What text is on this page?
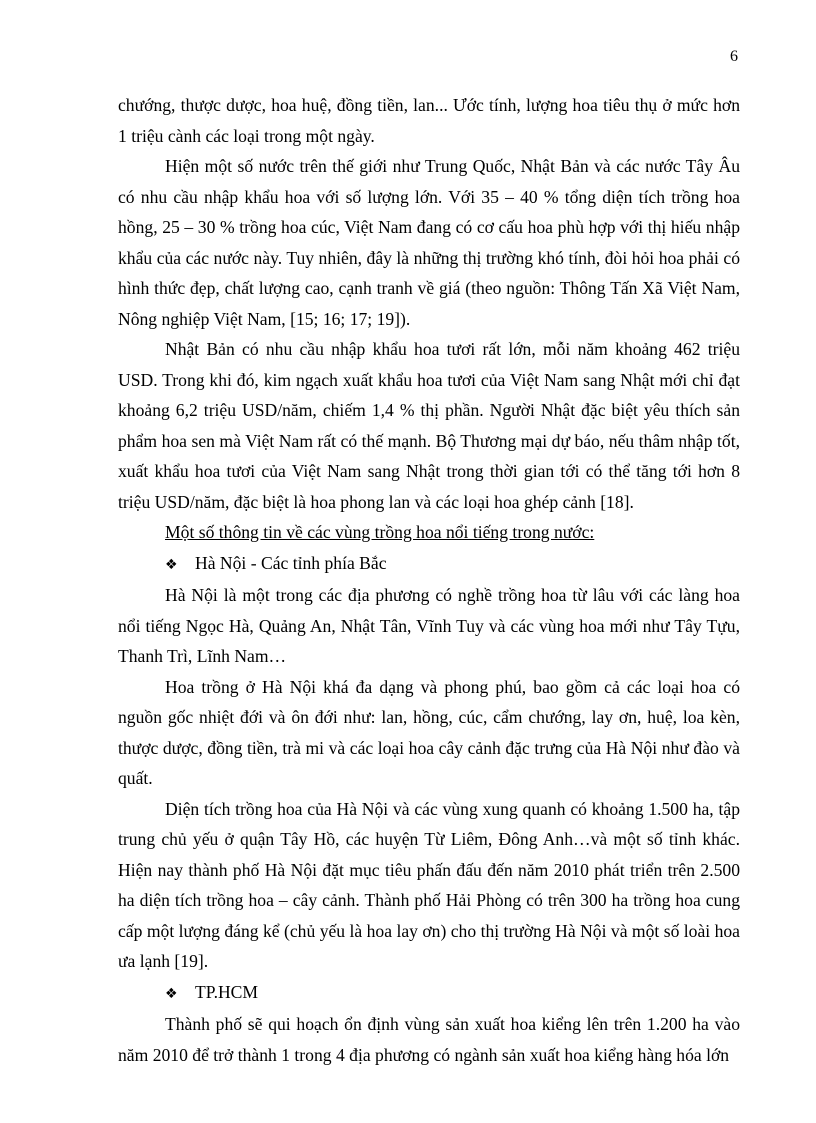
6

chướng, thược dược, hoa huệ, đồng tiền, lan... Ước tính, lượng hoa tiêu thụ ở mức hơn 1 triệu cành các loại trong một ngày.

Hiện một số nước trên thế giới như Trung Quốc, Nhật Bản và các nước Tây Âu có nhu cầu nhập khẩu hoa với số lượng lớn. Với 35 – 40 % tổng diện tích trồng hoa hồng, 25 – 30 % trồng hoa cúc, Việt Nam đang có cơ cấu hoa phù hợp với thị hiếu nhập khẩu của các nước này. Tuy nhiên, đây là những thị trường khó tính, đòi hỏi hoa phải có hình thức đẹp, chất lượng cao, cạnh tranh về giá (theo nguồn: Thông Tấn Xã Việt Nam, Nông nghiệp Việt Nam, [15; 16; 17; 19]).

Nhật Bản có nhu cầu nhập khẩu hoa tươi rất lớn, mỗi năm khoảng 462 triệu USD. Trong khi đó, kim ngạch xuất khẩu hoa tươi của Việt Nam sang Nhật mới chỉ đạt khoảng 6,2 triệu USD/năm, chiếm 1,4 % thị phần. Người Nhật đặc biệt yêu thích sản phẩm hoa sen mà Việt Nam rất có thế mạnh. Bộ Thương mại dự báo, nếu thâm nhập tốt, xuất khẩu hoa tươi của Việt Nam sang Nhật trong thời gian tới có thể tăng tới hơn 8 triệu USD/năm, đặc biệt là hoa phong lan và các loại hoa ghép cảnh [18].

Một số thông tin về các vùng trồng hoa nổi tiếng trong nước:

❖ Hà Nội - Các tỉnh phía Bắc

Hà Nội là một trong các địa phương có nghề trồng hoa từ lâu với các làng hoa nổi tiếng Ngọc Hà, Quảng An, Nhật Tân, Vĩnh Tuy và các vùng hoa mới như Tây Tựu, Thanh Trì, Lĩnh Nam…

Hoa trồng ở Hà Nội khá đa dạng và phong phú, bao gồm cả các loại hoa có nguồn gốc nhiệt đới và ôn đới như: lan, hồng, cúc, cẩm chướng, lay ơn, huệ, loa kèn, thược dược, đồng tiền, trà mi và các loại hoa cây cảnh đặc trưng của Hà Nội như đào và quất.

Diện tích trồng hoa của Hà Nội và các vùng xung quanh có khoảng 1.500 ha, tập trung chủ yếu ở quận Tây Hồ, các huyện Từ Liêm, Đông Anh…và một số tỉnh khác. Hiện nay thành phố Hà Nội đặt mục tiêu phấn đấu đến năm 2010 phát triển trên 2.500 ha diện tích trồng hoa – cây cảnh. Thành phố Hải Phòng có trên 300 ha trồng hoa cung cấp một lượng đáng kể (chủ yếu là hoa lay ơn) cho thị trường Hà Nội và một số loài hoa ưa lạnh [19].

❖ TP.HCM

Thành phố sẽ qui hoạch ổn định vùng sản xuất hoa kiểng lên trên 1.200 ha vào năm 2010 để trở thành 1 trong 4 địa phương có ngành sản xuất hoa kiểng hàng hóa lớn
